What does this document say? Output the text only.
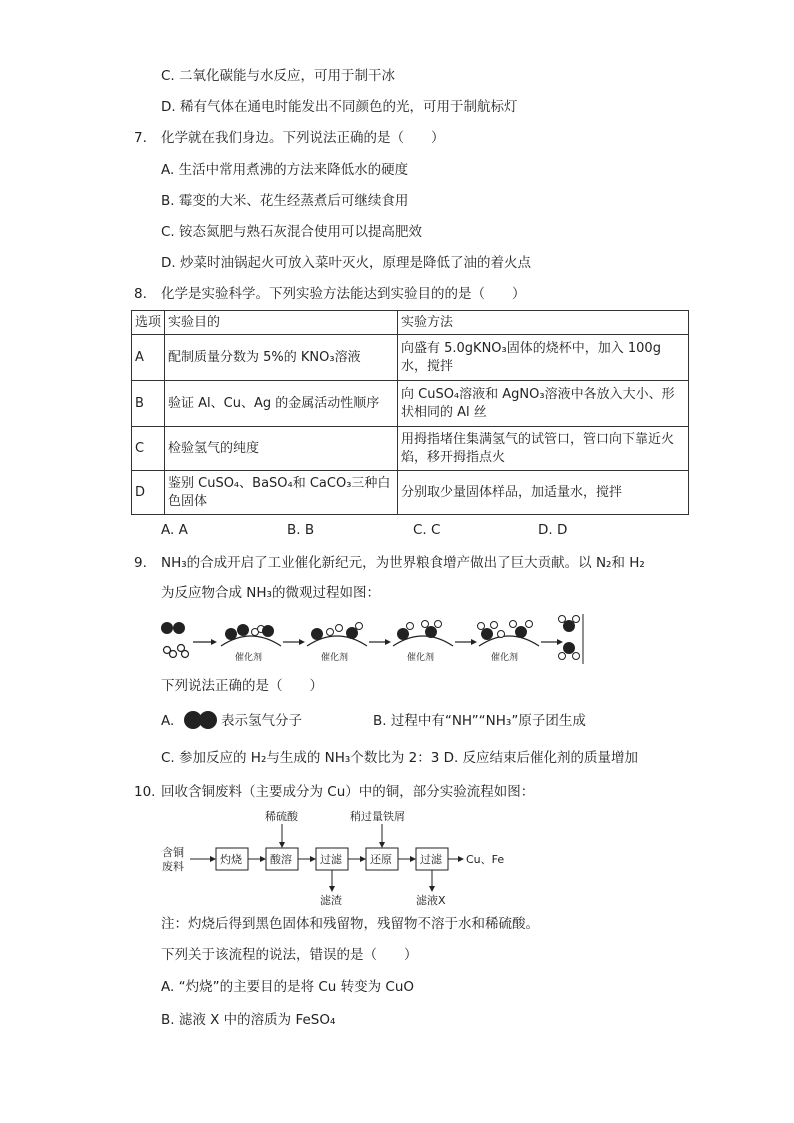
C. 二氧化碳能与水反应，可用于制干冰
D. 稀有气体在通电时能发出不同颜色的光，可用于制航标灯
7. 化学就在我们身边。下列说法正确的是（　　）
A. 生活中常用煮沸的方法来降低水的硬度
B. 霉变的大米、花生经蒸煮后可继续食用
C. 铵态氮肥与熟石灰混合使用可以提高肥效
D. 炒菜时油锅起火可放入菜叶灭火，原理是降低了油的着火点
8. 化学是实验科学。下列实验方法能达到实验目的的是（　　）
选项	实验目的	实验方法
A	配制质量分数为 5%的 KNO₃溶液	向盛有 5.0gKNO₃固体的烧杯中，加入 100g 水，搅拌
B	验证 Al、Cu、Ag 的金属活动性顺序	向 CuSO₄溶液和 AgNO₃溶液中各放入大小、形状相同的 Al 丝
C	检验氢气的纯度	用拇指堵住集满氢气的试管口，管口向下靠近火焰，移开拇指点火
D	鉴别 CuSO₄、BaSO₄和 CaCO₃三种白色固体	分别取少量固体样品，加适量水，搅拌
A. A	B. B	C. C	D. D
9. NH₃的合成开启了工业催化新纪元，为世界粮食增产做出了巨大贡献。以 N₂和 H₂
为反应物合成 NH₃的微观过程如图：
催化剂	催化剂	催化剂	催化剂
下列说法正确的是（　　）
A.	表示氢气分子	B. 过程中有“NH”“NH₃”原子团生成
C. 参加反应的 H₂与生成的 NH₃个数比为 2：3 D. 反应结束后催化剂的质量增加
10. 回收含铜废料（主要成分为 Cu）中的铜，部分实验流程如图：
含铜
废料
灼烧
稀硫酸
酸溶	过滤
滤渣
稍过量铁屑
还原	过滤
滤液X
Cu、Fe
注：灼烧后得到黑色固体和残留物，残留物不溶于水和稀硫酸。
下列关于该流程的说法，错误的是（　　）
A. “灼烧”的主要目的是将 Cu 转变为 CuO
B. 滤液 X 中的溶质为 FeSO₄
